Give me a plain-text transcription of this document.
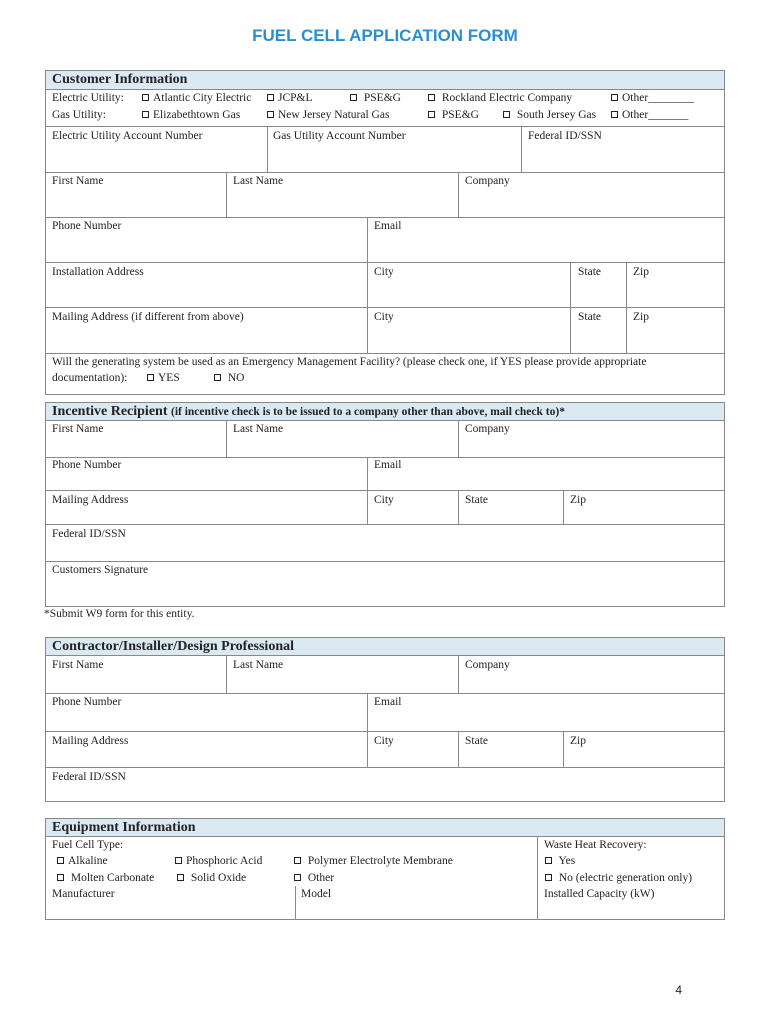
FUEL CELL APPLICATION FORM
Customer Information
Electric Utility:	Atlantic City Electric	JCP&L	PSE&G	Rockland Electric Company	Other________
Gas Utility:	Elizabethtown Gas	New Jersey Natural Gas	PSE&G	South Jersey Gas	Other_______
Electric Utility Account Number	Gas Utility Account Number	Federal ID/SSN
First Name	Last Name	Company
Phone Number	Email
Installation Address	City	State	Zip
Mailing Address (if different from above)	City	State	Zip
Will the generating system be used as an Emergency Management Facility? (please check one, if YES please provide appropriate
documentation):	YES	NO
Incentive Recipient (if incentive check is to be issued to a company other than above, mail check to)*
First Name	Last Name	Company
Phone Number	Email
Mailing Address	City	State	Zip
Federal ID/SSN
Customers Signature
*Submit W9 form for this entity.
Contractor/Installer/Design Professional
First Name	Last Name	Company
Phone Number	Email
Mailing Address	City	State	Zip
Federal ID/SSN
Equipment Information
Fuel Cell Type:
Alkaline	Phosphoric Acid	Polymer Electrolyte Membrane
Molten Carbonate	Solid Oxide	Other
Waste Heat Recovery:
Yes
No (electric generation only)
Manufacturer	Model	Installed Capacity (kW)
4
